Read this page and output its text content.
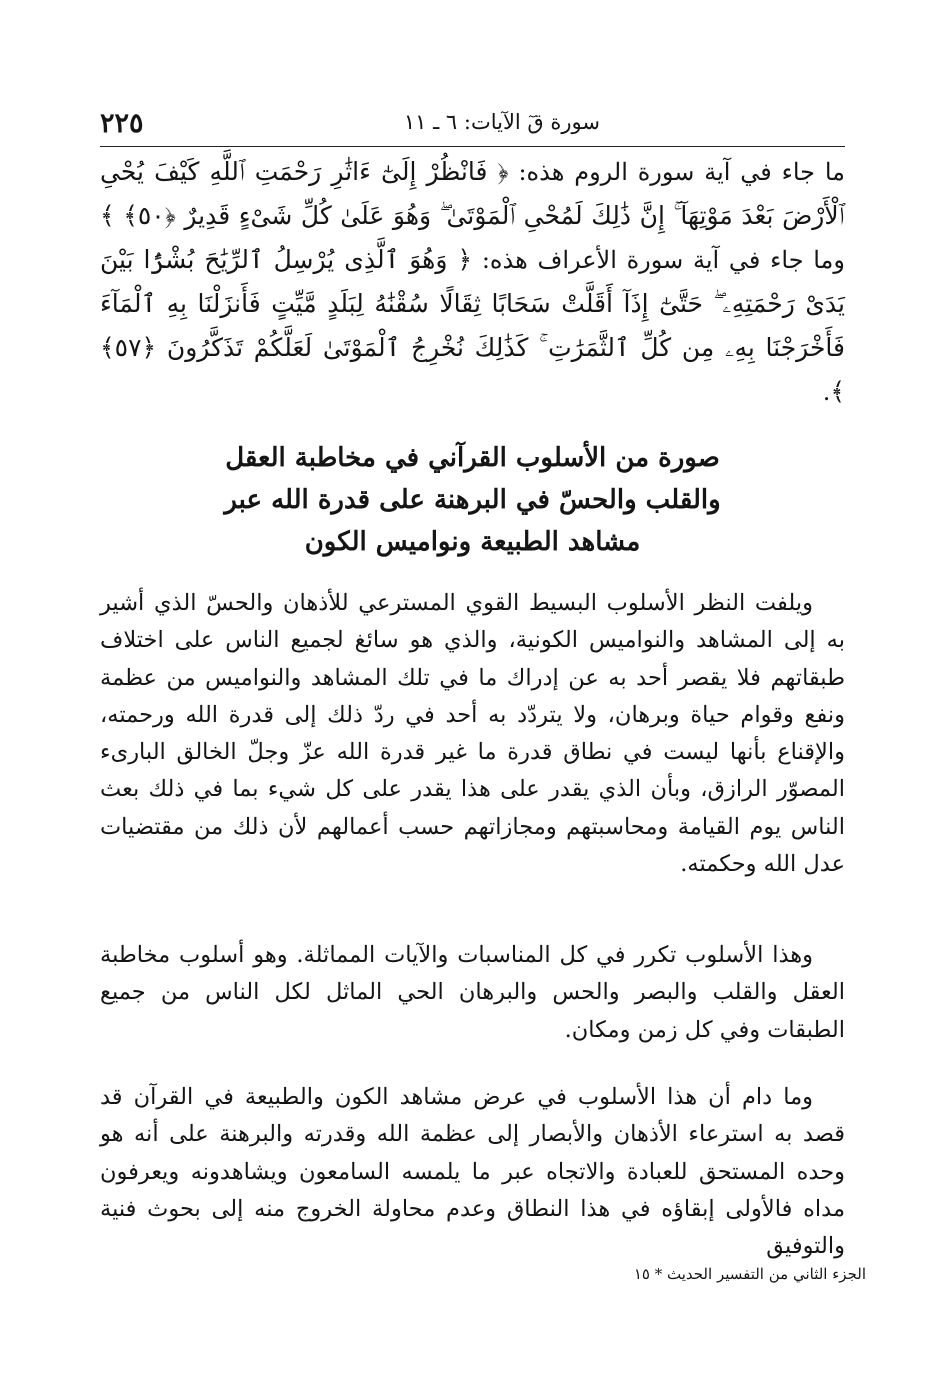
سورة قٓ الآيات: ٦ ـ ١١
٢٢٥
ما جاء في آية سورة الروم هذه: ﴿ فَانْظُرْ إِلَىٰٓ ءَاثَٰرِ رَحْمَتِ ٱللَّهِ كَيْفَ يُحْىِ ٱلْأَرْضَ بَعْدَ مَوْتِهَآ ۚ إِنَّ ذَٰلِكَ لَمُحْىِ ٱلْمَوْتَىٰ ۖ وَهُوَ عَلَىٰ كُلِّ شَىْءٍ قَدِيرٌ ﴿٥٠﴾ ﴾ وما جاء في آية سورة الأعراف هذه: ﴿ وَهُوَ ٱلَّذِى يُرْسِلُ ٱلرِّيَٰحَ بُشْرًۢا بَيْنَ يَدَىْ رَحْمَتِهِۦ ۖ حَتَّىٰٓ إِذَآ أَقَلَّتْ سَحَابًا ثِقَالًا سُقْنَٰهُ لِبَلَدٍ مَّيِّتٍ فَأَنزَلْنَا بِهِ ٱلْمَآءَ فَأَخْرَجْنَا بِهِۦ مِن كُلِّ ٱلثَّمَرَٰتِ ۚ كَذَٰلِكَ نُخْرِجُ ٱلْمَوْتَىٰ لَعَلَّكُمْ تَذَكَّرُونَ ﴿٥٧﴾ ﴾.
صورة من الأسلوب القرآني في مخاطبة العقل
والقلب والحسّ في البرهنة على قدرة الله عبر
مشاهد الطبيعة ونواميس الكون
ويلفت النظر الأسلوب البسيط القوي المسترعي للأذهان والحسّ الذي أشير به إلى المشاهد والنواميس الكونية، والذي هو سائغ لجميع الناس على اختلاف طبقاتهم فلا يقصر أحد به عن إدراك ما في تلك المشاهد والنواميس من عظمة ونفع وقوام حياة وبرهان، ولا يتردّد به أحد في ردّ ذلك إلى قدرة الله ورحمته، والإقناع بأنها ليست في نطاق قدرة ما غير قدرة الله عزّ وجلّ الخالق البارىء المصوّر الرازق، وبأن الذي يقدر على هذا يقدر على كل شيء بما في ذلك بعث الناس يوم القيامة ومحاسبتهم ومجازاتهم حسب أعمالهم لأن ذلك من مقتضيات عدل الله وحكمته.
وهذا الأسلوب تكرر في كل المناسبات والآيات المماثلة. وهو أسلوب مخاطبة العقل والقلب والبصر والحس والبرهان الحي الماثل لكل الناس من جميع الطبقات وفي كل زمن ومكان.
وما دام أن هذا الأسلوب في عرض مشاهد الكون والطبيعة في القرآن قد قصد به استرعاء الأذهان والأبصار إلى عظمة الله وقدرته والبرهنة على أنه هو وحده المستحق للعبادة والاتجاه عبر ما يلمسه السامعون ويشاهدونه ويعرفون مداه فالأولى إبقاؤه في هذا النطاق وعدم محاولة الخروج منه إلى بحوث فنية والتوفيق
الجزء الثاني من التفسير الحديث * ١٥
